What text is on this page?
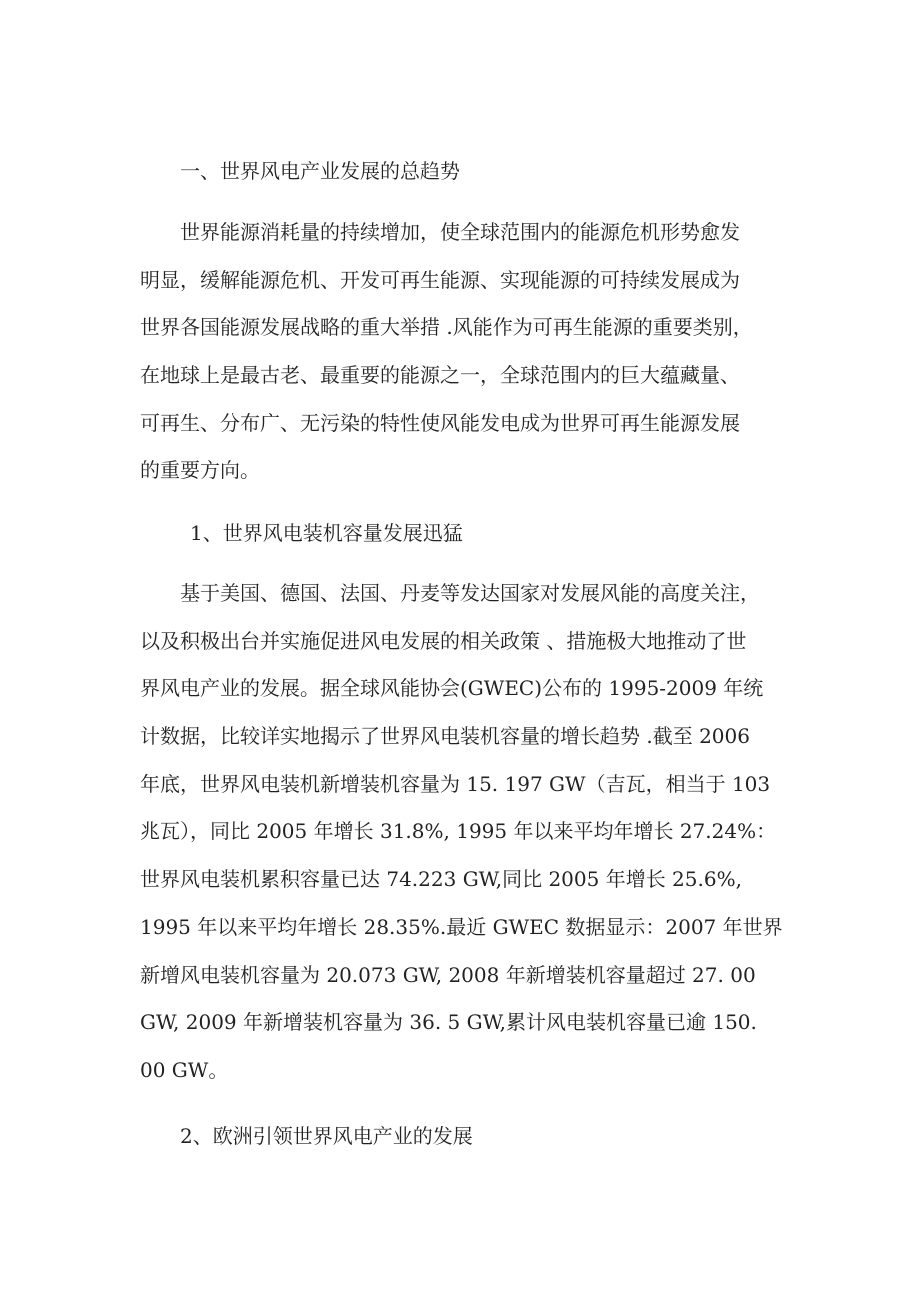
一、世界风电产业发展的总趋势
世界能源消耗量的持续增加，使全球范围内的能源危机形势愈发
明显，缓解能源危机、开发可再生能源、实现能源的可持续发展成为
世界各国能源发展战略的重大举措 .风能作为可再生能源的重要类别，
在地球上是最古老、最重要的能源之一，全球范围内的巨大蕴藏量、
可再生、分布广、无污染的特性使风能发电成为世界可再生能源发展
的重要方向。
1、世界风电装机容量发展迅猛
基于美国、德国、法国、丹麦等发达国家对发展风能的高度关注，
以及积极出台并实施促进风电发展的相关政策 、措施极大地推动了世
界风电产业的发展。据全球风能协会(GWEC)公布的 1995-2009 年统
计数据，比较详实地揭示了世界风电装机容量的增长趋势 .截至 2006
年底，世界风电装机新增装机容量为 15. 197 GW（吉瓦，相当于 103
兆瓦），同比 2005 年增长 31.8%, 1995 年以来平均年增长 27.24%：
世界风电装机累积容量已达 74.223 GW,同比 2005 年增长 25.6%,
1995 年以来平均年增长 28.35%.最近 GWEC 数据显示：2007 年世界
新增风电装机容量为 20.073 GW, 2008 年新增装机容量超过 27. 00
GW, 2009 年新增装机容量为 36. 5 GW,累计风电装机容量已逾 150.
00 GW。
2、欧洲引领世界风电产业的发展
